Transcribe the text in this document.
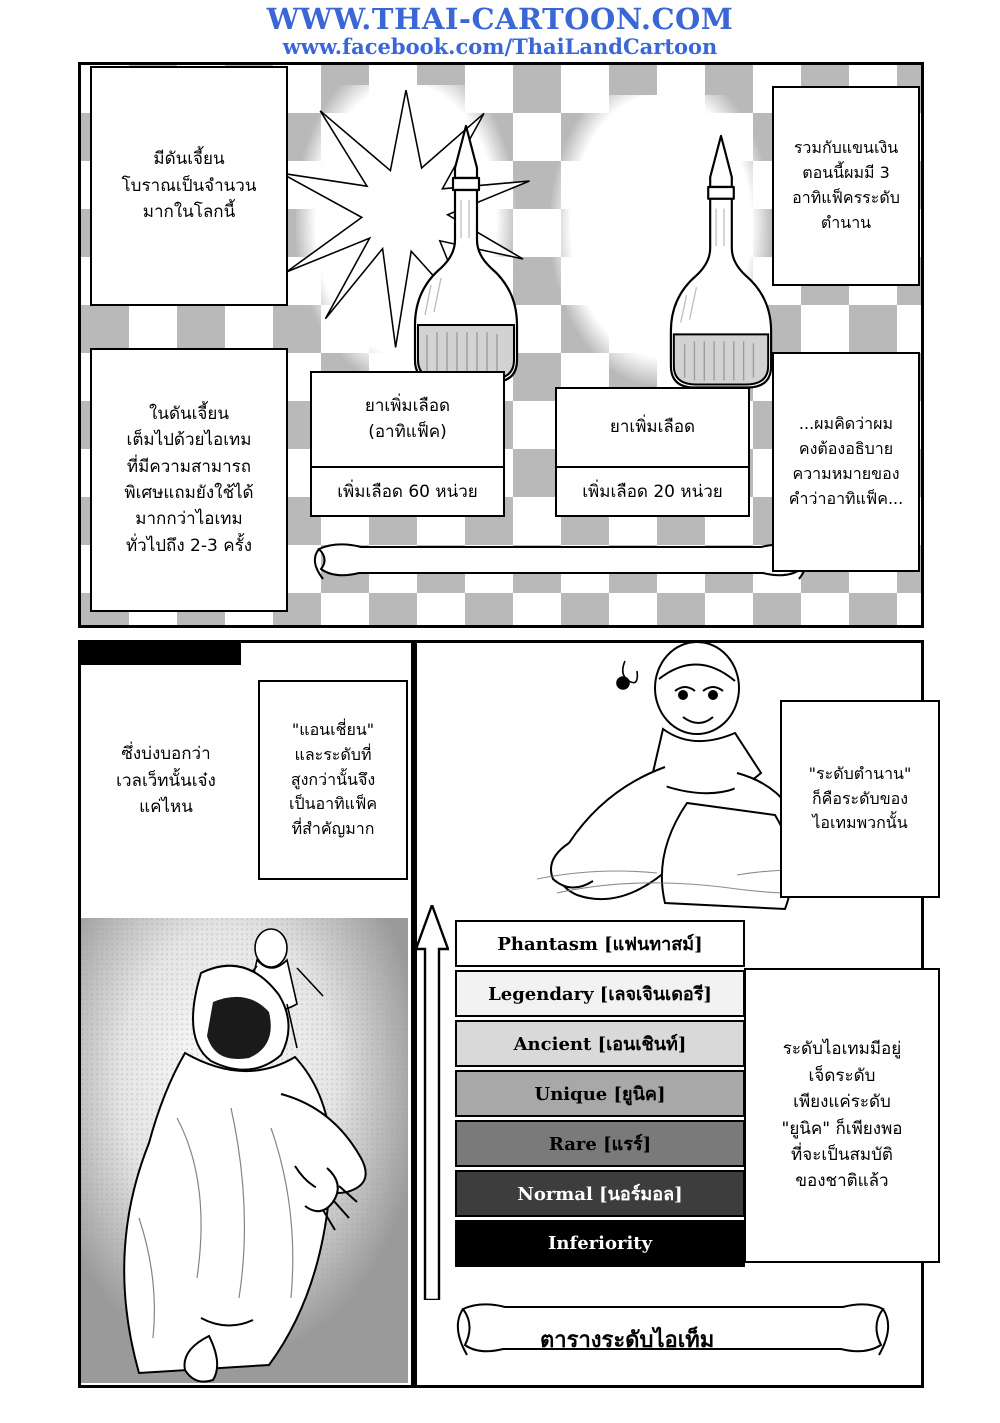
WWW.THAI-CARTOON.COM
www.facebook.com/ThaiLandCartoon
มีดันเจี้ยน
โบราณเป็นจำนวน
มากในโลกนี้
ในดันเจี้ยน
เต็มไปด้วยไอเทม
ที่มีความสามารถ
พิเศษแถมยังใช้ได้
มากกว่าไอเทม
ทั่วไปถึง 2-3 ครั้ง
รวมกับแขนเงิน
ตอนนี้ผมมี 3
อาทิแฟ็ครระดับ
ตำนาน
...ผมคิดว่าผม
คงต้องอธิบาย
ความหมายของ
คำว่าอาทิแฟ็ค...
ยาเพิ่มเลือด
(อาทิแฟ็ค)
เพิ่มเลือด 60 หน่วย
ยาเพิ่มเลือด
เพิ่มเลือด 20 หน่วย
Phantasm [แฟนทาสม์]
Legendary [เลจเจินเดอรี]
Ancient [เอนเชินท์]
Unique [ยูนิค]
Rare [แรร์]
Normal [นอร์มอล]
Inferiority
ตารางระดับไอเท็ม
ซึ่งบ่งบอกว่า
เวลเว็ทนั้นเจ๋ง
แค่ไหน
"แอนเชี่ยน"
และระดับที่
สูงกว่านั้นจึง
เป็นอาทิแฟ็ค
ที่สำคัญมาก
"ระดับตำนาน"
ก็คือระดับของ
ไอเทมพวกนั้น
ระดับไอเทมมีอยู่
เจ็ดระดับ
เพียงแค่ระดับ
"ยูนิค" ก็เพียงพอ
ที่จะเป็นสมบัติ
ของชาติแล้ว
